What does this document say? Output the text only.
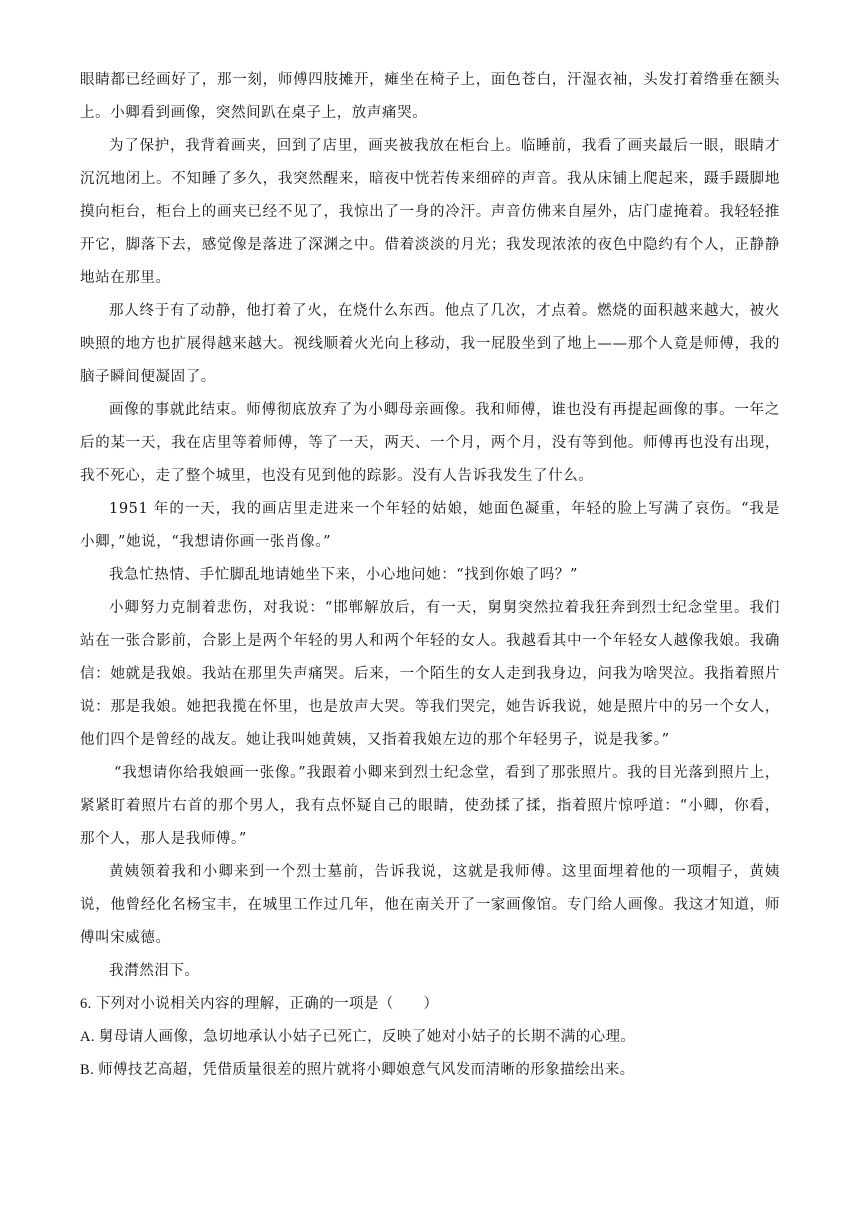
眼睛都已经画好了，那一刻，师傅四肢摊开，瘫坐在椅子上，面色苍白，汗湿衣袖，头发打着绺垂在额头上。小卿看到画像，突然间趴在桌子上，放声痛哭。

为了保护，我背着画夹，回到了店里，画夹被我放在柜台上。临睡前，我看了画夹最后一眼，眼睛才沉沉地闭上。不知睡了多久，我突然醒来，暗夜中恍若传来细碎的声音。我从床铺上爬起来，蹑手蹑脚地摸向柜台，柜台上的画夹已经不见了，我惊出了一身的冷汗。声音仿佛来自屋外，店门虚掩着。我轻轻推开它，脚落下去，感觉像是落进了深渊之中。借着淡淡的月光；我发现浓浓的夜色中隐约有个人，正静静地站在那里。

那人终于有了动静，他打着了火，在烧什么东西。他点了几次，才点着。燃烧的面积越来越大，被火映照的地方也扩展得越来越大。视线顺着火光向上移动，我一屁股坐到了地上——那个人竟是师傅，我的脑子瞬间便凝固了。

画像的事就此结束。师傅彻底放弃了为小卿母亲画像。我和师傅，谁也没有再提起画像的事。一年之后的某一天，我在店里等着师傅，等了一天，两天、一个月，两个月，没有等到他。师傅再也没有出现，我不死心，走了整个城里，也没有见到他的踪影。没有人告诉我发生了什么。

1951 年的一天，我的画店里走进来一个年轻的姑娘，她面色凝重，年轻的脸上写满了哀伤。“我是小卿，”她说，“我想请你画一张肖像。”

我急忙热情、手忙脚乱地请她坐下来，小心地问她：“找到你娘了吗？”

小卿努力克制着悲伤，对我说：“邯郸解放后，有一天，舅舅突然拉着我狂奔到烈士纪念堂里。我们站在一张合影前，合影上是两个年轻的男人和两个年轻的女人。我越看其中一个年轻女人越像我娘。我确信：她就是我娘。我站在那里失声痛哭。后来，一个陌生的女人走到我身边，问我为啥哭泣。我指着照片说：那是我娘。她把我揽在怀里，也是放声大哭。等我们哭完，她告诉我说，她是照片中的另一个女人，他们四个是曾经的战友。她让我叫她黄姨，又指着我娘左边的那个年轻男子，说是我爹。”

“我想请你给我娘画一张像。”我跟着小卿来到烈士纪念堂，看到了那张照片。我的目光落到照片上，紧紧盯着照片右首的那个男人，我有点怀疑自己的眼睛，使劲揉了揉，指着照片惊呼道：“小卿，你看，那个人，那人是我师傅。”

黄姨领着我和小卿来到一个烈士墓前，告诉我说，这就是我师傅。这里面埋着他的一项帽子，黄姨说，他曾经化名杨宝丰，在城里工作过几年，他在南关开了一家画像馆。专门给人画像。我这才知道，师傅叫宋威德。

我潸然泪下。

6. 下列对小说相关内容的理解，正确的一项是（　　）

A. 舅母请人画像，急切地承认小姑子已死亡，反映了她对小姑子的长期不满的心理。

B. 师傅技艺高超，凭借质量很差的照片就将小卿娘意气风发而清晰的形象描绘出来。
